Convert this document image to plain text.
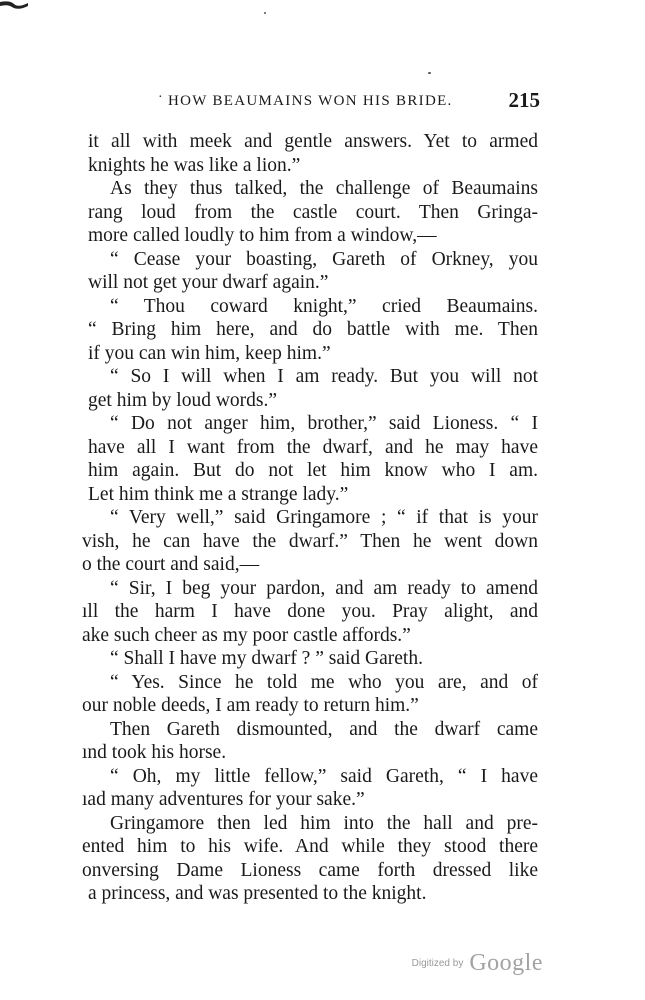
· HOW BEAUMAINS WON HIS BRIDE.	215
it all with meek and gentle answers. Yet to armed
knights he was like a lion.”
As they thus talked, the challenge of Beaumains
rang loud from the castle court. Then Gringa-
more called loudly to him from a window,—
“ Cease your boasting, Gareth of Orkney, you
will not get your dwarf again.”
“ Thou coward knight,” cried Beaumains.
“ Bring him here, and do battle with me. Then
if you can win him, keep him.”
“ So I will when I am ready. But you will not
get him by loud words.”
“ Do not anger him, brother,” said Lioness. “ I
have all I want from the dwarf, and he may have
him again. But do not let him know who I am.
Let him think me a strange lady.”
“ Very well,” said Gringamore ; “ if that is your
vish, he can have the dwarf.” Then he went down
o the court and said,—
“ Sir, I beg your pardon, and am ready to amend
ıll the harm I have done you. Pray alight, and
ake such cheer as my poor castle affords.”
“ Shall I have my dwarf ? ” said Gareth.
“ Yes. Since he told me who you are, and of
our noble deeds, I am ready to return him.”
Then Gareth dismounted, and the dwarf came
ınd took his horse.
“ Oh, my little fellow,” said Gareth, “ I have
ıad many adventures for your sake.”
Gringamore then led him into the hall and pre-
ented him to his wife. And while they stood there
onversing Dame Lioness came forth dressed like
a princess, and was presented to the knight.
Digitized by Google
